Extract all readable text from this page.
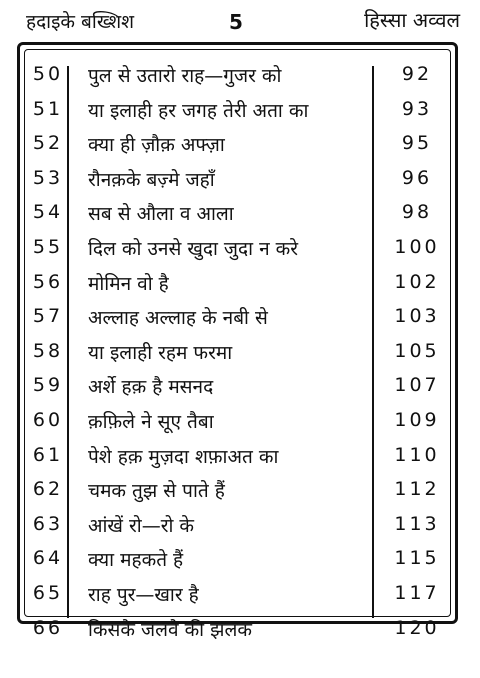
हदाइके बख्शिश	5	हिस्सा अव्वल
50	पुल से उतारो राह—गुजर को	92
51	या इलाही हर जगह तेरी अता का	93
52	क्या ही ज़ौक़ अफ्ज़ा	95
53	रौनक़के बज़्मे जहाँ	96
54	सब से औला व आला	98
55	दिल को उनसे खुदा जुदा न करे	100
56	मोमिन वो है	102
57	अल्लाह अल्लाह के नबी से	103
58	या इलाही रहम फरमा	105
59	अर्शे हक़ है मसनद	107
60	क़फ़िले ने सूए तैबा	109
61	पेशे हक़ मुज़दा शफ़ाअत का	110
62	चमक तुझ से पाते हैं	112
63	आंखें रो—रो के	113
64	क्या महकते हैं	115
65	राह पुर—खार है	117
66	किसके जलवे की झलक	120
